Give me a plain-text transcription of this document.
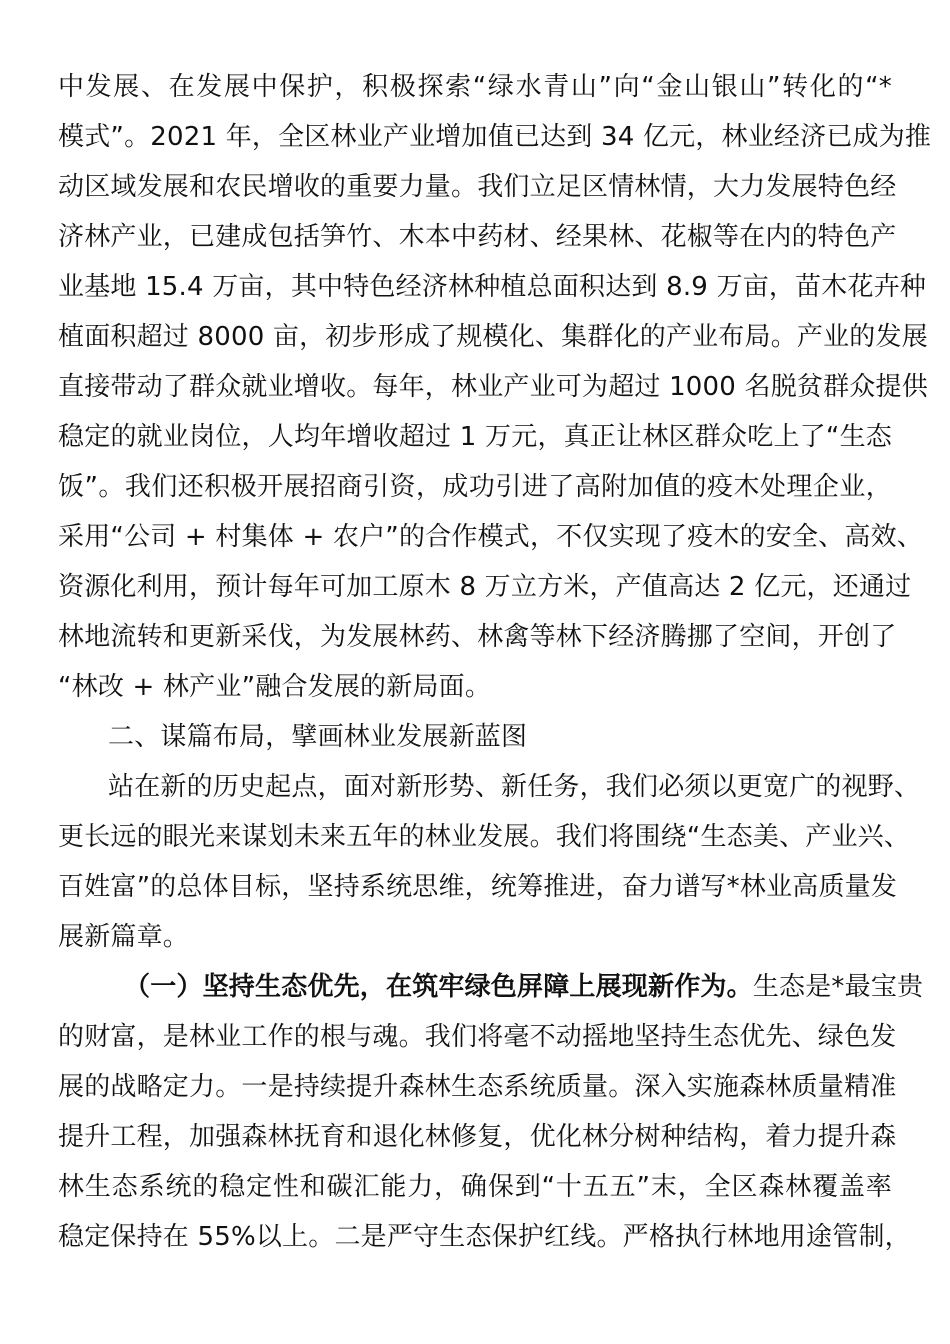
中发展、在发展中保护，积极探索“绿水青山”向“金山银山”转化的“*
模式”。2021 年，全区林业产业增加值已达到 34 亿元，林业经济已成为推
动区域发展和农民增收的重要力量。我们立足区情林情，大力发展特色经
济林产业，已建成包括笋竹、木本中药材、经果林、花椒等在内的特色产
业基地 15.4 万亩，其中特色经济林种植总面积达到 8.9 万亩，苗木花卉种
植面积超过 8000 亩，初步形成了规模化、集群化的产业布局。产业的发展
直接带动了群众就业增收。每年，林业产业可为超过 1000 名脱贫群众提供
稳定的就业岗位，人均年增收超过 1 万元，真正让林区群众吃上了“生态
饭”。我们还积极开展招商引资，成功引进了高附加值的疫木处理企业，
采用“公司 + 村集体 + 农户”的合作模式，不仅实现了疫木的安全、高效、
资源化利用，预计每年可加工原木 8 万立方米，产值高达 2 亿元，还通过
林地流转和更新采伐，为发展林药、林禽等林下经济腾挪了空间，开创了
“林改 + 林产业”融合发展的新局面。
二、谋篇布局，擘画林业发展新蓝图
站在新的历史起点，面对新形势、新任务，我们必须以更宽广的视野、
更长远的眼光来谋划未来五年的林业发展。我们将围绕“生态美、产业兴、
百姓富”的总体目标，坚持系统思维，统筹推进，奋力谱写*林业高质量发
展新篇章。
（一）坚持生态优先，在筑牢绿色屏障上展现新作为。生态是*最宝贵
的财富，是林业工作的根与魂。我们将毫不动摇地坚持生态优先、绿色发
展的战略定力。一是持续提升森林生态系统质量。深入实施森林质量精准
提升工程，加强森林抚育和退化林修复，优化林分树种结构，着力提升森
林生态系统的稳定性和碳汇能力，确保到“十五五”末，全区森林覆盖率
稳定保持在 55%以上。二是严守生态保护红线。严格执行林地用途管制，
